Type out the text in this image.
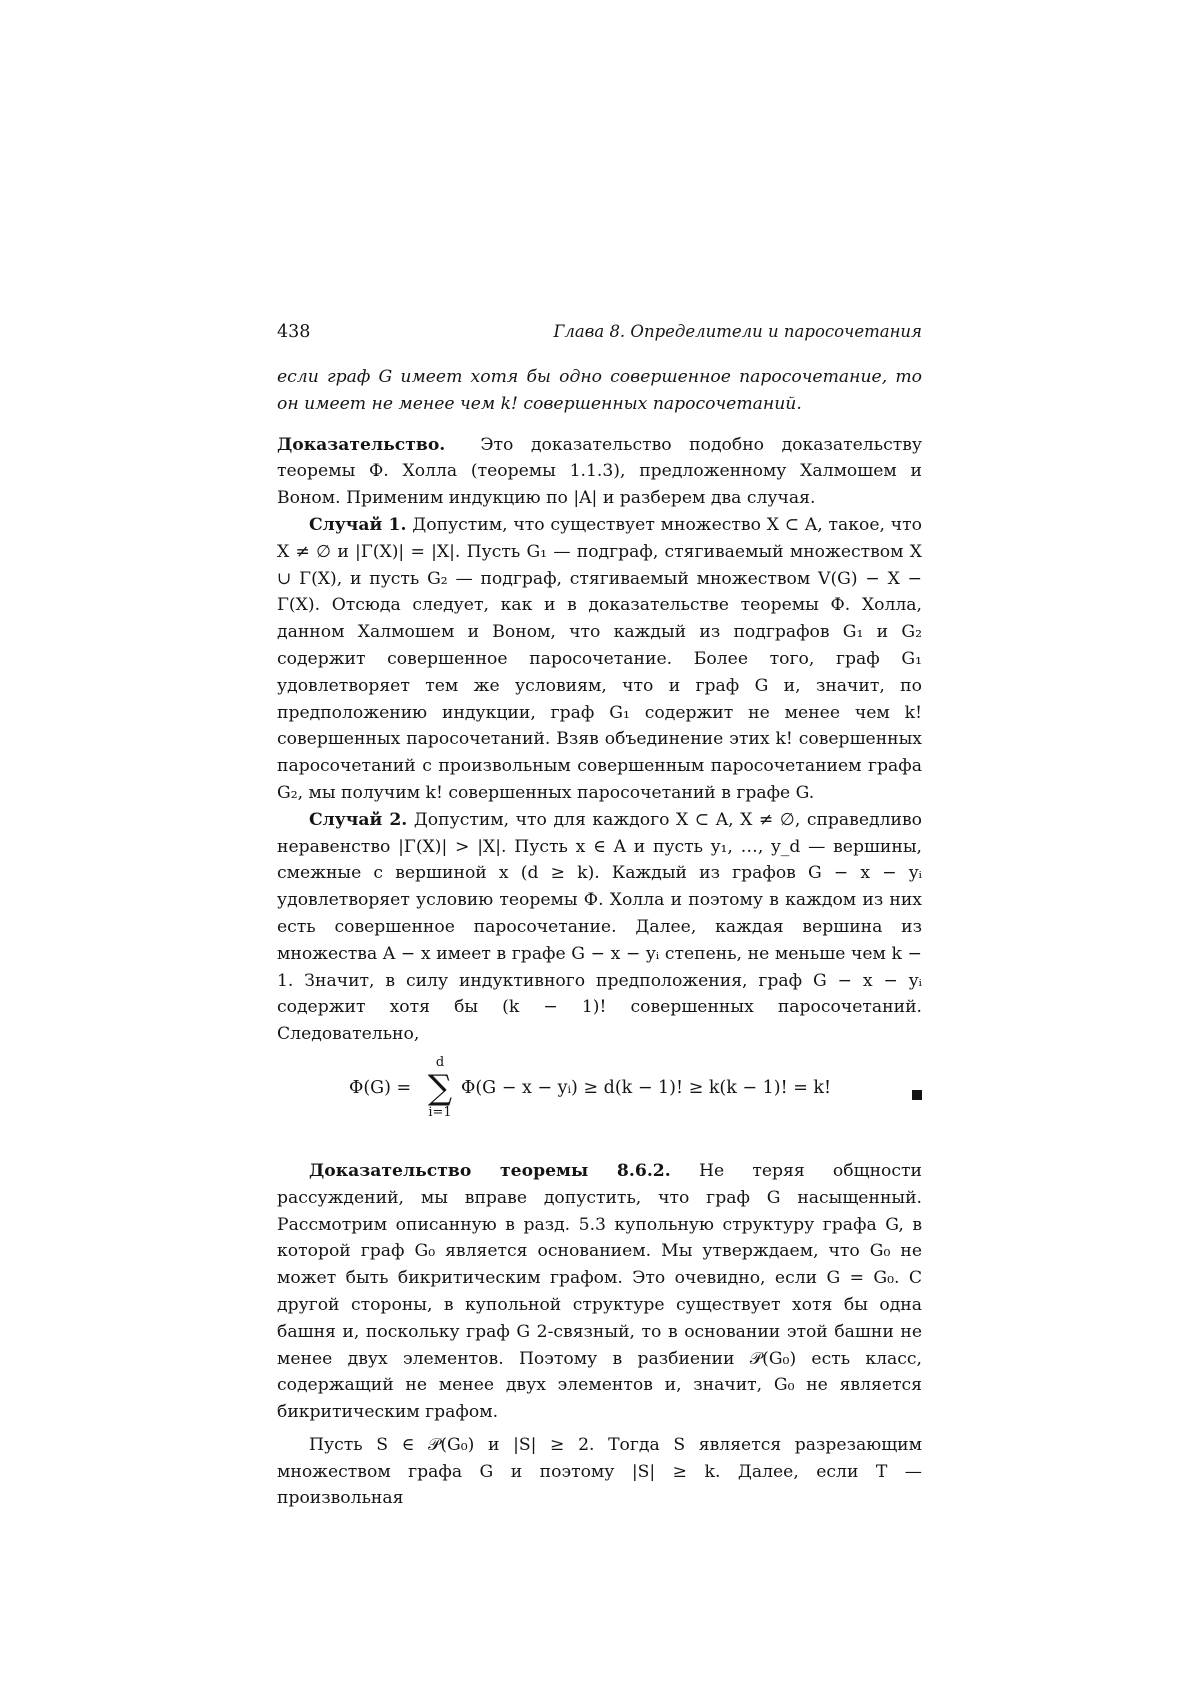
438	Глава 8. Определители и паросочетания

если граф G имеет хотя бы одно совершенное паросочетание, то он имеет не менее чем k! совершенных паросочетаний.

Доказательство. Это доказательство подобно доказательству теоремы Ф. Холла (теоремы 1.1.3), предложенному Халмошем и Воном. Применим индукцию по |A| и разберем два случая.

Случай 1. Допустим, что существует множество X ⊂ A, такое, что X ≠ ∅ и |Γ(X)| = |X|. Пусть G₁ — подграф, стягиваемый множеством X ∪ Γ(X), и пусть G₂ — подграф, стягиваемый множеством V(G) − X − Γ(X). Отсюда следует, как и в доказательстве теоремы Ф. Холла, данном Халмошем и Воном, что каждый из подграфов G₁ и G₂ содержит совершенное паросочетание. Более того, граф G₁ удовлетворяет тем же условиям, что и граф G и, значит, по предположению индукции, граф G₁ содержит не менее чем k! совершенных паросочетаний. Взяв объединение этих k! совершенных паросочетаний с произвольным совершенным паросочетанием графа G₂, мы получим k! совершенных паросочетаний в графе G.

Случай 2. Допустим, что для каждого X ⊂ A, X ≠ ∅, справедливо неравенство |Γ(X)| > |X|. Пусть x ∈ A и пусть y₁, …, y_d — вершины, смежные с вершиной x (d ≥ k). Каждый из графов G − x − yᵢ удовлетворяет условию теоремы Ф. Холла и поэтому в каждом из них есть совершенное паросочетание. Далее, каждая вершина из множества A − x имеет в графе G − x − yᵢ степень, не меньше чем k − 1. Значит, в силу индуктивного предположения, граф G − x − yᵢ содержит хотя бы (k − 1)! совершенных паросочетаний. Следовательно,

Φ(G) =
d
∑
i=1
Φ(G − x − yᵢ) ≥ d(k − 1)! ≥ k(k − 1)! = k!

Доказательство теоремы 8.6.2. Не теряя общности рассуждений, мы вправе допустить, что граф G насыщенный. Рассмотрим описанную в разд. 5.3 купольную структуру графа G, в которой граф G₀ является основанием. Мы утверждаем, что G₀ не может быть бикритическим графом. Это очевидно, если G = G₀. С другой стороны, в купольной структуре существует хотя бы одна башня и, поскольку граф G 2-связный, то в основании этой башни не менее двух элементов. Поэтому в разбиении 𝒫(G₀) есть класс, содержащий не менее двух элементов и, значит, G₀ не является бикритическим графом.

Пусть S ∈ 𝒫(G₀) и |S| ≥ 2. Тогда S является разрезающим множеством графа G и поэтому |S| ≥ k. Далее, если T — произвольная
